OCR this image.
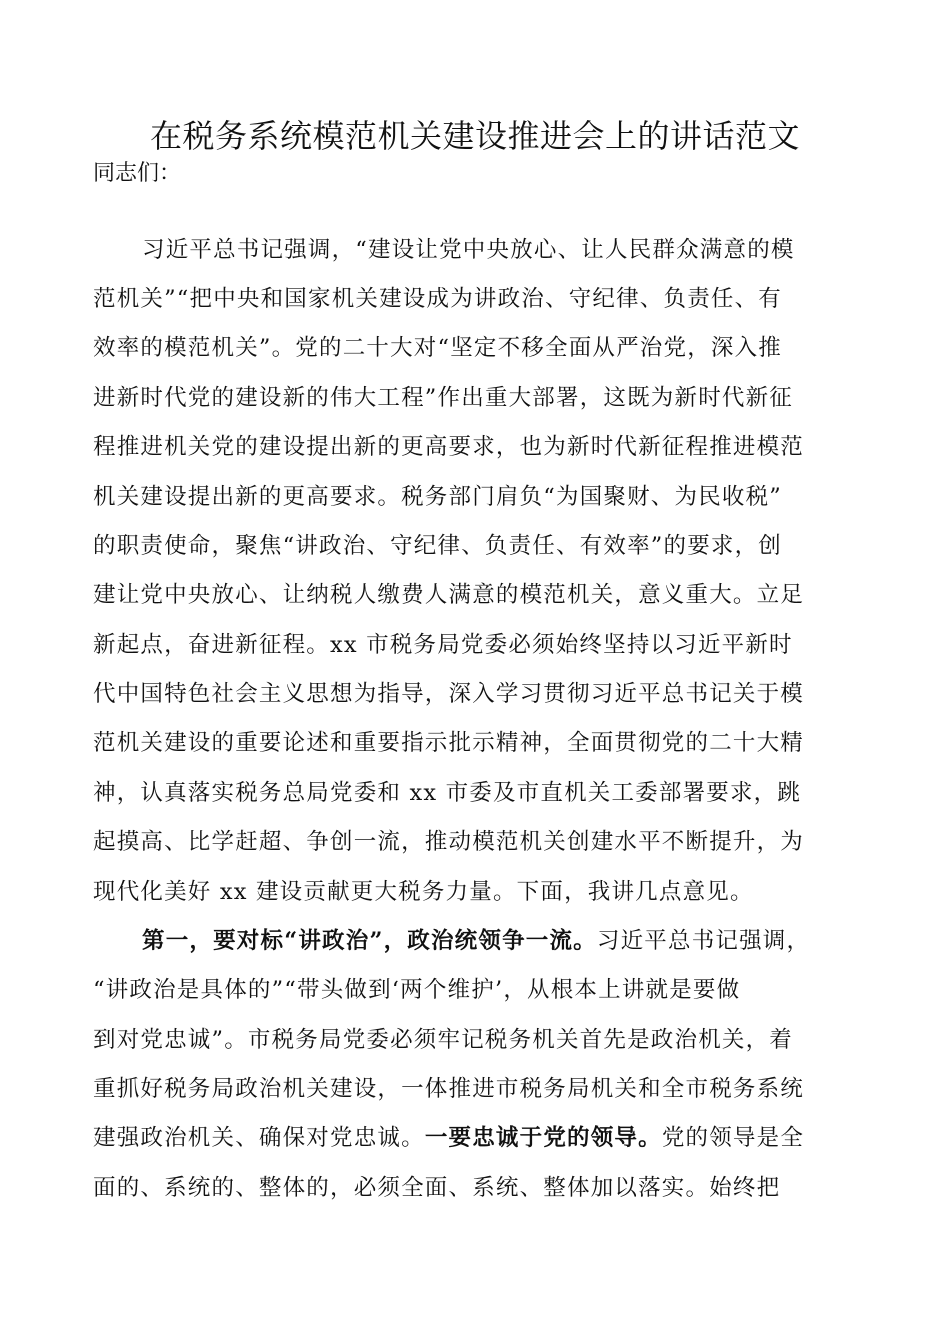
在税务系统模范机关建设推进会上的讲话范文

同志们：

习近平总书记强调，“建设让党中央放心、让人民群众满意的模

范机关”“把中央和国家机关建设成为讲政治、守纪律、负责任、有

效率的模范机关”。党的二十大对“坚定不移全面从严治党，深入推

进新时代党的建设新的伟大工程”作出重大部署，这既为新时代新征

程推进机关党的建设提出新的更高要求，也为新时代新征程推进模范

机关建设提出新的更高要求。税务部门肩负“为国聚财、为民收税”

的职责使命，聚焦“讲政治、守纪律、负责任、有效率”的要求，创

建让党中央放心、让纳税人缴费人满意的模范机关，意义重大。立足

新起点，奋进新征程。xx 市税务局党委必须始终坚持以习近平新时

代中国特色社会主义思想为指导，深入学习贯彻习近平总书记关于模

范机关建设的重要论述和重要指示批示精神，全面贯彻党的二十大精

神，认真落实税务总局党委和 xx 市委及市直机关工委部署要求，跳

起摸高、比学赶超、争创一流，推动模范机关创建水平不断提升，为

现代化美好 xx 建设贡献更大税务力量。下面，我讲几点意见。

第一，要对标“讲政治”，政治统领争一流。习近平总书记强调，

“讲政治是具体的”“带头做到‘两个维护’，从根本上讲就是要做

到对党忠诚”。市税务局党委必须牢记税务机关首先是政治机关，着

重抓好税务局政治机关建设，一体推进市税务局机关和全市税务系统

建强政治机关、确保对党忠诚。一要忠诚于党的领导。党的领导是全

面的、系统的、整体的，必须全面、系统、整体加以落实。始终把
